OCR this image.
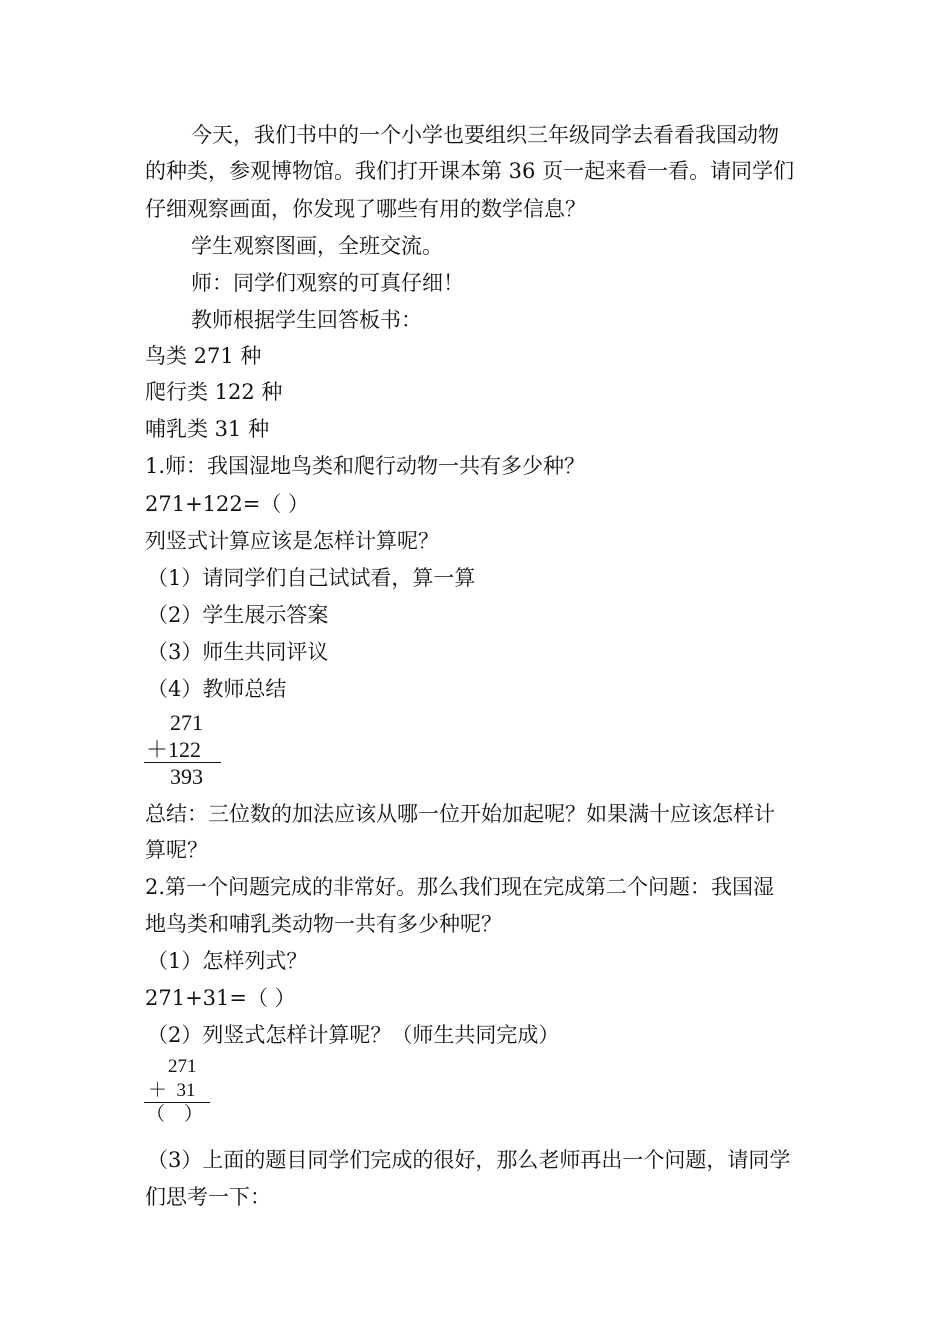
今天，我们书中的一个小学也要组织三年级同学去看看我国动物
的种类，参观博物馆。我们打开课本第 36 页一起来看一看。请同学们
仔细观察画面，你发现了哪些有用的数学信息？
学生观察图画，全班交流。
师：同学们观察的可真仔细！
教师根据学生回答板书：
鸟类 271 种
爬行类 122 种
哺乳类 31 种
1.师：我国湿地鸟类和爬行动物一共有多少种？
271+122=（ ）
列竖式计算应该是怎样计算呢？
（1）请同学们自己试试看，算一算
（2）学生展示答案
（3）师生共同评议
（4）教师总结
271
＋122
393
总结：三位数的加法应该从哪一位开始加起呢？如果满十应该怎样计
算呢？
2.第一个问题完成的非常好。那么我们现在完成第二个问题：我国湿
地鸟类和哺乳类动物一共有多少种呢？
（1）怎样列式？
271+31=（ ）
（2）列竖式怎样计算呢？（师生共同完成）
271
＋  31
（    ）
（3）上面的题目同学们完成的很好，那么老师再出一个问题，请同学
们思考一下：
